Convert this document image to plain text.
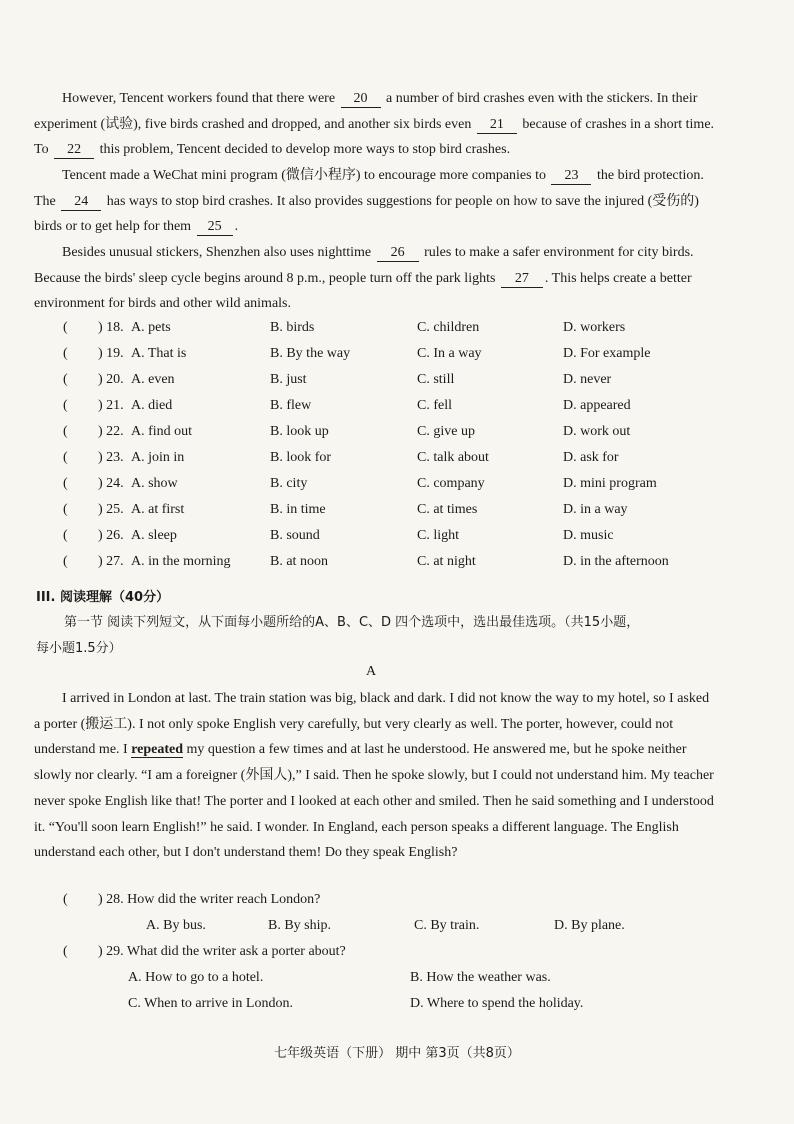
However, Tencent workers found that there were 20 a number of bird crashes even with the stickers. In their experiment (试验), five birds crashed and dropped, and another six birds even 21 because of crashes in a short time. To 22 this problem, Tencent decided to develop more ways to stop bird crashes.

Tencent made a WeChat mini program (微信小程序) to encourage more companies to 23 the bird protection. The 24 has ways to stop bird crashes. It also provides suggestions for people on how to save the injured (受伤的) birds or to get help for them 25 .

Besides unusual stickers, Shenzhen also uses nighttime 26 rules to make a safer environment for city birds. Because the birds' sleep cycle begins around 8 p.m., people turn off the park lights 27 . This helps create a better environment for birds and other wild animals.

( ) 18. A. pets	B. birds	C. children	D. workers
( ) 19. A. That is	B. By the way	C. In a way	D. For example
( ) 20. A. even	B. just	C. still	D. never
( ) 21. A. died	B. flew	C. fell	D. appeared
( ) 22. A. find out	B. look up	C. give up	D. work out
( ) 23. A. join in	B. look for	C. talk about	D. ask for
( ) 24. A. show	B. city	C. company	D. mini program
( ) 25. A. at first	B. in time	C. at times	D. in a way
( ) 26. A. sleep	B. sound	C. light	D. music
( ) 27. A. in the morning	B. at noon	C. at night	D. in the afternoon
III. 阅读理解（40分）
第一节 阅读下列短文，从下面每小题所给的A、B、C、D 四个选项中，选出最佳选项。（共15小题，
每小题1.5分）
A

I arrived in London at last. The train station was big, black and dark. I did not know the way to my hotel, so I asked a porter (搬运工). I not only spoke English very carefully, but very clearly as well. The porter, however, could not understand me. I repeated my question a few times and at last he understood. He answered me, but he spoke neither slowly nor clearly. “I am a foreigner (外国人),” I said. Then he spoke slowly, but I could not understand him. My teacher never spoke English like that! The porter and I looked at each other and smiled. Then he said something and I understood it. “You'll soon learn English!” he said. I wonder. In England, each person speaks a different language. The English understand each other, but I don't understand them! Do they speak English?

( ) 28. How did the writer reach London?
A. By bus.	B. By ship.	C. By train.	D. By plane.
( ) 29. What did the writer ask a porter about?
A. How to go to a hotel.	B. How the weather was.
C. When to arrive in London.	D. Where to spend the holiday.
七年级英语（下册） 期中 第3页（共8页）
